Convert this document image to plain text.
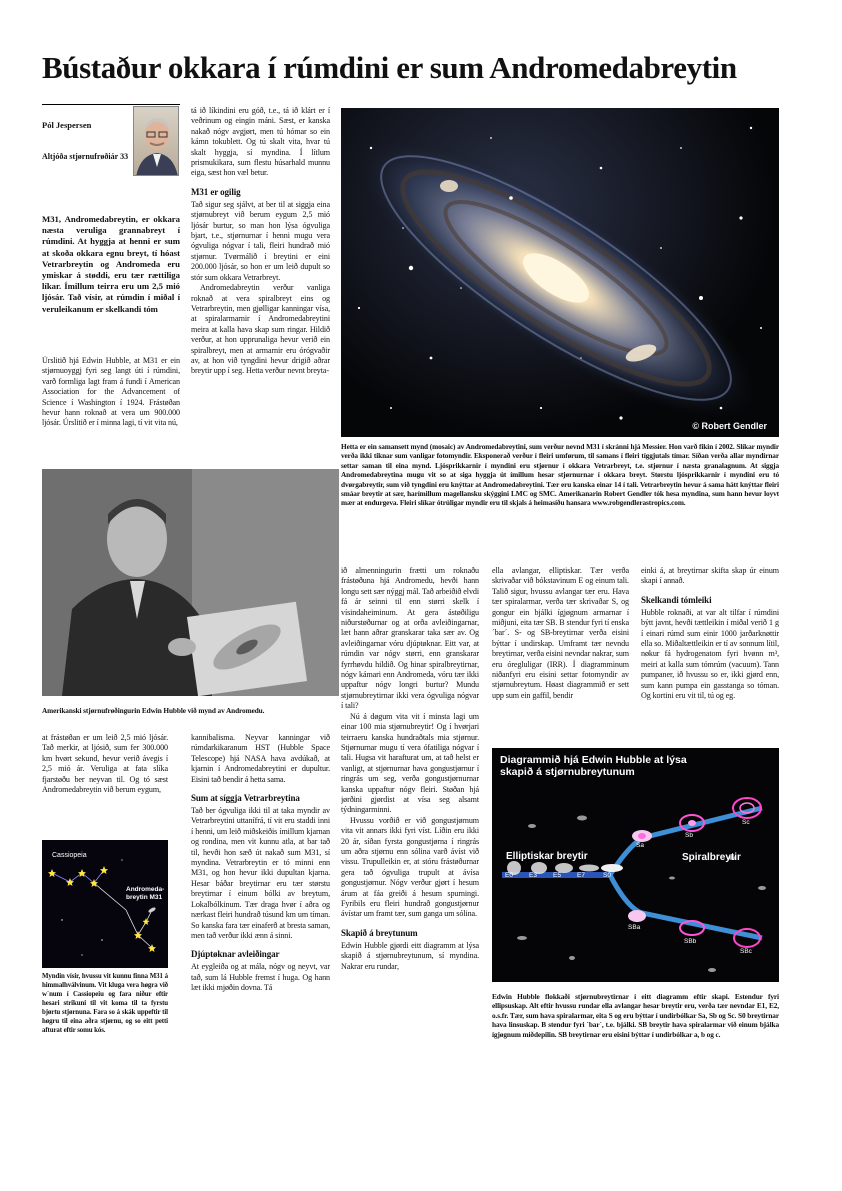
Bústaður okkara í rúmdini er sum Andromedabreytin
Pól Jespersen
Altjóða stjørnufrøðiár 33
M31, Andromedabreytin, er okkara næsta veruliga grannabreyt í rúmdini. At hyggja at henni er sum at skoða okkara egnu breyt, tí hóast Vetrarbreytin og Andromeda eru ymiskar á støddi, eru tær rættiliga líkar. Ímillum teirra eru um 2,5 mió ljósár. Tað vísir, at rúmdin í miðal í veruleikanum er skelkandi tóm

Úrslitið hjá Edwin Hubble, at M31 er ein stjørnuoyggj fyri seg langt úti í rúmdini, varð formliga lagt fram á fundi í American Association for the Advancement of Science í Washington í 1924. Frástøðan hevur hann roknað at vera um 900.000 ljósár. Úrslitið er í minna lagi, tí vit vita nú,

tá ið líkindini eru góð, t.e., tá ið klárt er í veðrinum og eingin máni. Sæst, er kanska nakað nógv avgjørt, men tú hómar so ein kámn tokublett. Og tú skalt vita, hvar tú skalt hyggja, sí myndina. Í lítlum prismukikara, sum flestu húsarhald munnu eiga, sæst hon væl betur.

M31 er ogilig

Tað sigur seg sjálvt, at ber til at siggja eina stjørnubreyt við berum eygum 2,5 mió ljósár burtur, so man hon lýsa ógvuliga bjart, t.e., stjørnurnar í henni mugu vera ógvuliga nógvar í tali, fleiri hundrað mió stjørnur. Tvørmálið í breytini er eini 200.000 ljósár, so hon er um leið dupult so stór sum okkara Vetrarbreyt.

Andromedabreytin verður vanliga roknað at vera spiralbreyt eins og Vetrarbreytin, men gjølligar kanningar vísa, at spiralarmarnir í Andromedabreytini meira at kalla hava skap sum ringar. Hildið verður, at hon upprunaliga hevur verið ein spiralbreyt, men at armarnir eru órógvaðir av, at hon við tyngdini hevur drigið aðrar breytir upp í seg. Hetta verður nevnt breyta-

© Robert Gendler
Hetta er ein samansett mynd (mosaic) av Andromedabreytini, sum verður nevnd M31 í skránni hjá Messier. Hon varð fikin í 2002. Slíkar myndir verða ikki tiknar sum vanligar fotomyndir. Eksponerað verður í fleiri umførum, til samans í fleiri tíggjutals tímar. Síðan verða allar myndirnar settar saman til eina mynd. Ljósprikkarnir í myndini eru stjørnur í okkara Vetrarbreyt, t.e. stjørnur í næsta granalagnum. At siggja Andromedabreytina mugu vit so at siga hyggja út ímillum hesar stjørnurnar í okkara breyt. Størstu ljósprikkarnir í myndini eru tó dvørgabreytir, sum við tyngdini eru knýttar at Andromedabreytini. Tær eru kanska einar 14 í tali. Vetrarbreytin hevur á sama hátt knýttar fleiri smáar breytir at sær, harímillum magellansku skýggini LMC og SMC. Amerikanarin Robert Gendler tók hesa myndina, sum hann hevur loyvt mær at endurgeva. Fleiri slíkar ótrúligar myndir eru til skjals á heimasíðu hansara www.robgendlerastropics.com.
Amerikanski stjørnufrøðingurin Edwin Hubble við mynd av Andromedu.

at frástøðan er um leið 2,5 mió ljósár. Tað merkir, at ljósið, sum fer 300.000 km hvørt sekund, hevur verið ávegis í 2,5 mió ár. Veruliga at fata slíka fjarstøðu ber neyvan til. Og tó sæst Andromedabreytin við berum eygum,

Cassiopeia
Andromeda-breytin M31
Myndin vísir, hvussu vit kunnu finna M31 á himmalhválvinum. Vit kluga vera høgra við w´num í Cassiopeiu og fara niður eftir hesari strikuni til vit koma til ta fyrstu bjørtu stjørnuna. Fara so á skák uppeftir til høgru til eina aðra stjørnu, og so eitt petti afturat eftir somu kós.

kannibalisma. Neyvar kanningar við rúmdarkikaranum HST (Hubble Space Telescope) hjá NASA hava avdúkað, at kjarnin í Andromedabreytini er dupultur. Eisini tað bendir á hetta sama.

Sum at síggja Vetrarbreytina

Tað ber ógvuliga ikki til at taka myndir av Vetrarbreytini uttanífrá, tí vit eru staddi inni í henni, um leið miðskeiðis ímillum kjarnan og rondina, men vit kunnu atla, at bar tað til, hevði hon sæð út nakað sum M31, sí myndina. Vetrarbreytin er tó minni enn M31, og hon hevur ikki dupultan kjarna. Hesar báðar breytirnar eru tær størstu breytirnar í einum bólki av breytum, Lokalbólkinum. Tær draga hvør í aðra og nærkast fleiri hundrað túsund km um tíman. So kanska fara tær einaferð at bresta saman, men tað verður ikki ænn á sinni.

Djúptøknar avleiðingar

At eygleiða og at mála, nógv og neyvt, var tað, sum lá Hubble fremst í huga. Og hann læt ikki mjøðin dovna. Tá

ið almenningurin frætti um roknaðu frástøðuna hjá Andromedu, hevði hann longu sett sær nýggj mál. Tað arbeiðið elvdi fá ár seinni til enn størri skelk í vísindaheiminum. At gera ástøðiligu niðurstøðurnar og at orða avleiðingarnar, læt hann aðrar granskarar taka sær av. Og avleiðingarnar vóru djúptøknar. Eitt var, at rúmdin var nógv størri, enn granskarar fyrrhøvdu hildið. Og hinar spiralbreytirnar, nógv kámari enn Andromeda, vóru tær ikki uppaftur nógv longri burtur? Mundu stjørnubreytirnar ikki vera ógvuliga nógvar í tali?

Nú á døgum vita vit í minsta lagi um einar 100 mia stjørnubreytir! Og í hvørjari teirraeru kanska hundraðtals mia stjørnur. Stjørnurnar mugu tí vera ófatiliga nógvar í tali. Hugsa vit harafturat um, at tað helst er vanligt, at stjørnurnar hava gongustjørnur í ringrás um seg, verða gongustjørnurnar kanska uppaftur nógv fleiri. Støðan hjá jørðini gjørdist at vísa seg alsamt týdningarminni.

Hvussu vorðið er við gongustjørnum vita vit annars ikki fyri víst. Líðin eru ikki 20 ár, síðan fyrsta gongustjørna í ringrás um aðra stjørnu enn sólina varð ávíst við vissu. Trupulleikin er, at stóru frástøðurnar gera tað ógvuliga trupult at ávísa gongustjørnur. Nógv verður gjørt í hesum árum at fáa greiði á hesum spurningi. Fyribils eru fleiri hundrað gongustjørnur ávístar um framt tær, sum ganga um sólina.

Skapið á breytunum

Edwin Hubble gjørdi eitt diagramm at lýsa skapið á stjørnubreytunum, sí myndina. Nakrar eru rundar,

ella avlangar, elliptiskar. Tær verða skrivaðar við bókstavinum E og einum tali. Talið sigur, hvussu avlangar tær eru. Hava tær spiralarmar, verða tær skrivaðar S, og gongur ein bjálki ígjøgnum armarnar í miðjuni, eita tær SB. B stendur fyri tí enska ´bar´. S- og SB-breytirnar verða eisini býttar í undirskap. Umframt tær nevndu breytirnar, verða eisini nevndar nakrar, sum eru óregluligar (IRR). Í diagramminum niðanfyri eru eisini settar fotomyndir av stjørnubreytum. Høast diagrammið er sett upp sum ein gaffil, bendir

einki á, at breytirnar skifta skap úr einum skapi í annað.

Skelkandi tómleiki

Hubble roknaði, at var alt tilfar í rúmdini býtt javnt, hevði tættleikin í miðal verið 1 g í einari rúmd sum einir 1000 jarðarknøttir ella so. Miðaltættleikin er tí av sonnum lítil, nøkur fá hydrogenatom fyri hvønn m³, meiri at kalla sum tómrúm (vacuum). Tann pumpaner, ið hvussu so er, ikki gjørd enn, sum kann pumpa ein gasstanga so tóman. Og kortini eru vit til, tú og eg.

Diagrammið hjá Edwin Hubble at lýsa skapið á stjørnubreytunum
Elliptiskar breytir	Spiralbreytir
E0 E3 E5 E7	S0
Sa
Sb
Sc
SBa
SBb
SBc
Edwin Hubble flokkaði stjørnubreytirnar í eitt diagramm eftir skapi. Estendur fyri ellipsuskap. Alt eftir hvussu rundar ella avlangar hesar breytir eru, verða tær nevndar E1, E2, o.s.fr. Tær, sum hava spiralarmar, eita S og eru býttar í undirbólkar Sa, Sb og Sc. S0 breytirnar hava linsuskap. B stendur fyri ´bar´, t.e. bjálki. SB breytir hava spiralarmar við einum bjálka ígjøgnum miðdepilin. SB breytirnar eru eisini býttar í undirbólkar a, b og c.
